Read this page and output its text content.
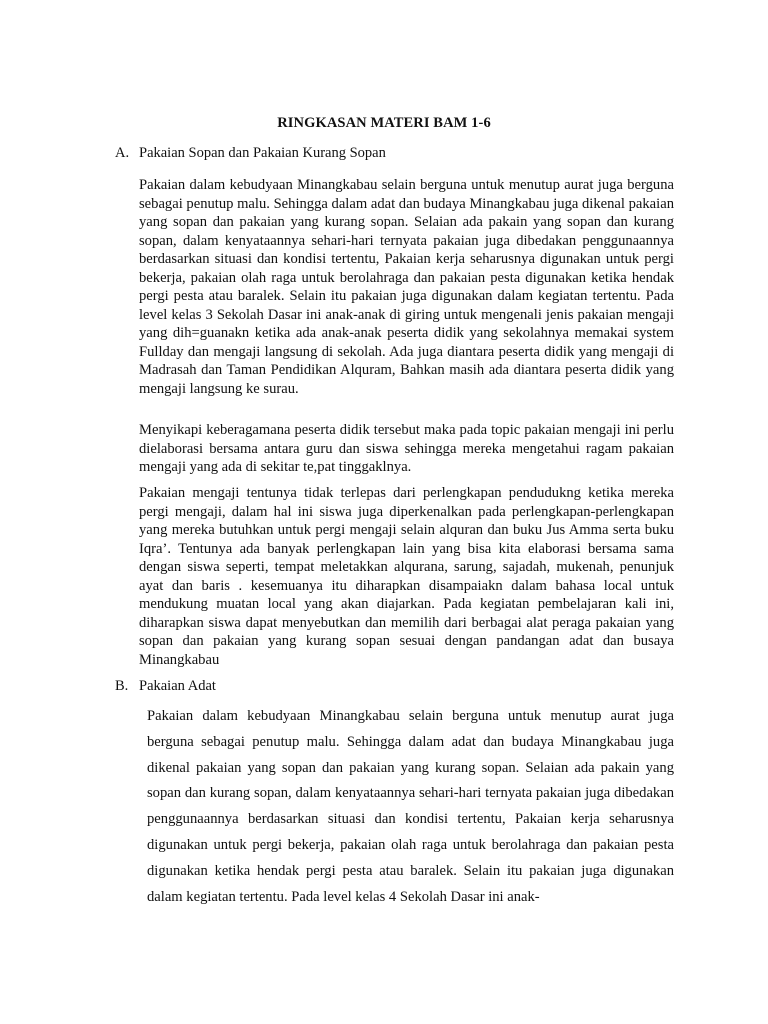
RINGKASAN MATERI BAM 1-6
A. Pakaian Sopan dan Pakaian Kurang Sopan

Pakaian dalam kebudyaan Minangkabau selain berguna untuk menutup aurat juga berguna sebagai penutup malu. Sehingga dalam adat dan budaya Minangkabau juga dikenal pakaian yang sopan dan pakaian yang kurang sopan. Selaian ada pakain yang sopan dan kurang sopan, dalam kenyataannya sehari-hari ternyata pakaian juga dibedakan penggunaannya berdasarkan situasi dan kondisi tertentu, Pakaian kerja seharusnya digunakan untuk pergi bekerja, pakaian olah raga untuk berolahraga dan pakaian pesta digunakan ketika hendak pergi pesta atau baralek. Selain itu pakaian juga digunakan dalam kegiatan tertentu. Pada level kelas 3 Sekolah Dasar ini anak-anak di giring untuk mengenali jenis pakaian mengaji yang dih=guanakn ketika ada anak-anak peserta didik yang sekolahnya memakai system Fullday dan mengaji langsung di sekolah. Ada juga diantara peserta didik yang mengaji di Madrasah dan Taman Pendidikan Alquram, Bahkan masih ada diantara peserta didik yang mengaji langsung ke surau.

Menyikapi keberagamana peserta didik tersebut maka pada topic pakaian mengaji ini perlu dielaborasi bersama antara guru dan siswa sehingga mereka mengetahui ragam pakaian mengaji yang ada di sekitar te,pat tinggaklnya.

Pakaian mengaji tentunya tidak terlepas dari perlengkapan pendudukng ketika mereka pergi mengaji, dalam hal ini siswa juga diperkenalkan pada perlengkapan-perlengkapan yang mereka butuhkan untuk pergi mengaji selain alquran dan buku Jus Amma serta buku Iqra’. Tentunya ada banyak perlengkapan lain yang bisa kita elaborasi bersama sama dengan siswa seperti, tempat meletakkan alqurana, sarung, sajadah, mukenah, penunjuk ayat dan baris . kesemuanya itu diharapkan disampaiakn dalam bahasa local untuk mendukung muatan local yang akan diajarkan. Pada kegiatan pembelajaran kali ini, diharapkan siswa dapat menyebutkan dan memilih dari berbagai alat peraga pakaian yang sopan dan pakaian yang kurang sopan sesuai dengan pandangan adat dan busaya Minangkabau

B. Pakaian Adat

Pakaian dalam kebudyaan Minangkabau selain berguna untuk menutup aurat juga berguna sebagai penutup malu. Sehingga dalam adat dan budaya Minangkabau juga dikenal pakaian yang sopan dan pakaian yang kurang sopan. Selaian ada pakain yang sopan dan kurang sopan, dalam kenyataannya sehari-hari ternyata pakaian juga dibedakan penggunaannya berdasarkan situasi dan kondisi tertentu, Pakaian kerja seharusnya digunakan untuk pergi bekerja, pakaian olah raga untuk berolahraga dan pakaian pesta digunakan ketika hendak pergi pesta atau baralek. Selain itu pakaian juga digunakan dalam kegiatan tertentu. Pada level kelas 4 Sekolah Dasar ini anak-
